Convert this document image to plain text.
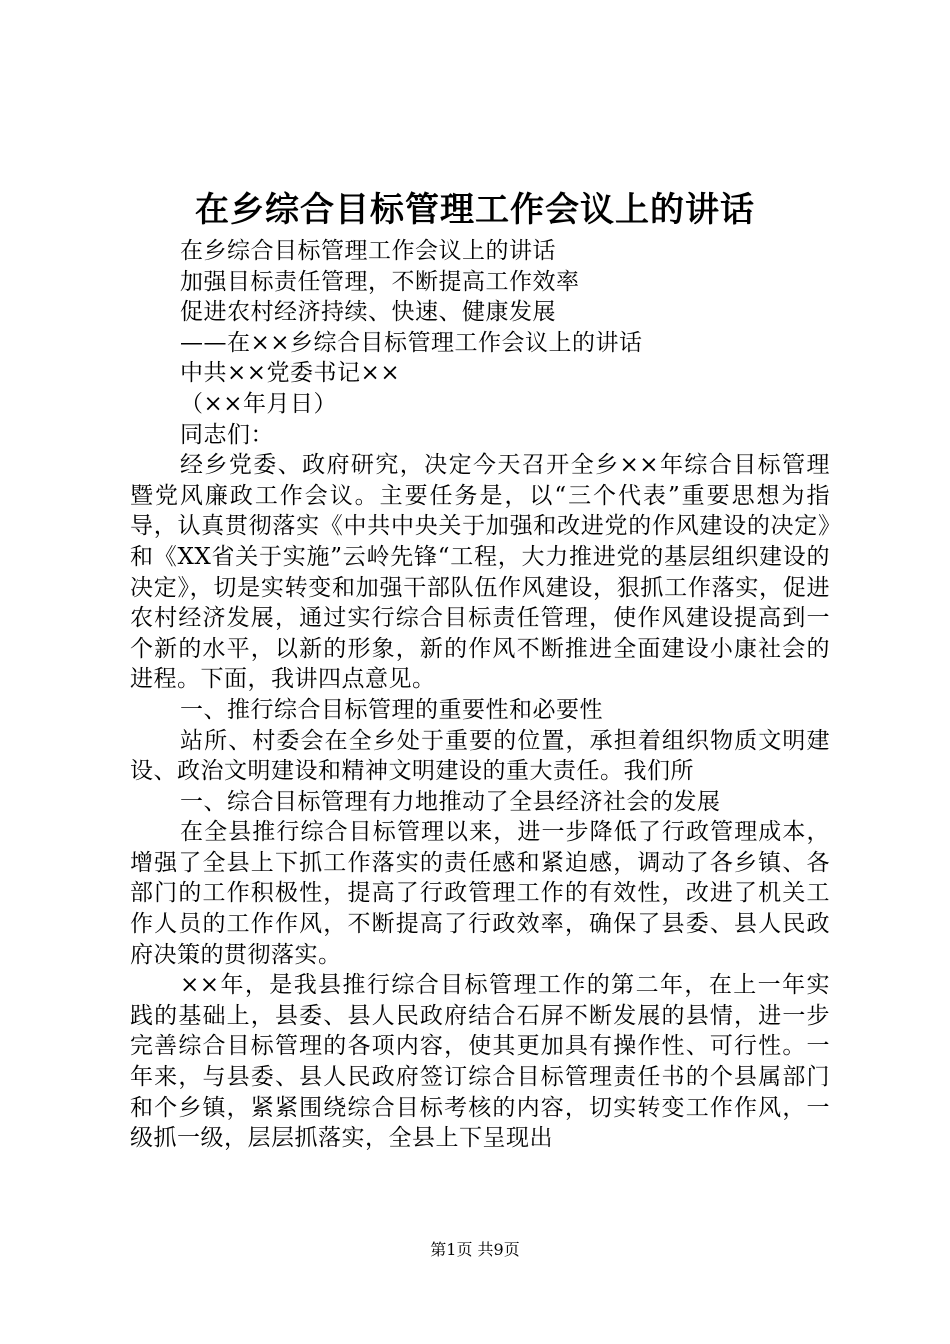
在乡综合目标管理工作会议上的讲话
在乡综合目标管理工作会议上的讲话
加强目标责任管理，不断提高工作效率
促进农村经济持续、快速、健康发展
——在××乡综合目标管理工作会议上的讲话
中共××党委书记××
（××年月日）
同志们：

经乡党委、政府研究，决定今天召开全乡××年综合目标管理暨党风廉政工作会议。主要任务是，以“三个代表”重要思想为指导，认真贯彻落实《中共中央关于加强和改进党的作风建设的决定》和《XX省关于实施”云岭先锋“工程，大力推进党的基层组织建设的决定》，切是实转变和加强干部队伍作风建设，狠抓工作落实，促进农村经济发展，通过实行综合目标责任管理，使作风建设提高到一个新的水平，以新的形象，新的作风不断推进全面建设小康社会的进程。下面，我讲四点意见。

一、推行综合目标管理的重要性和必要性

站所、村委会在全乡处于重要的位置，承担着组织物质文明建设、政治文明建设和精神文明建设的重大责任。我们所

一、综合目标管理有力地推动了全县经济社会的发展

在全县推行综合目标管理以来，进一步降低了行政管理成本，增强了全县上下抓工作落实的责任感和紧迫感，调动了各乡镇、各部门的工作积极性，提高了行政管理工作的有效性，改进了机关工作人员的工作作风，不断提高了行政效率，确保了县委、县人民政府决策的贯彻落实。

××年，是我县推行综合目标管理工作的第二年，在上一年实践的基础上，县委、县人民政府结合石屏不断发展的县情，进一步完善综合目标管理的各项内容，使其更加具有操作性、可行性。一年来，与县委、县人民政府签订综合目标管理责任书的个县属部门和个乡镇，紧紧围绕综合目标考核的内容，切实转变工作作风，一级抓一级，层层抓落实，全县上下呈现出

第1页 共9页
